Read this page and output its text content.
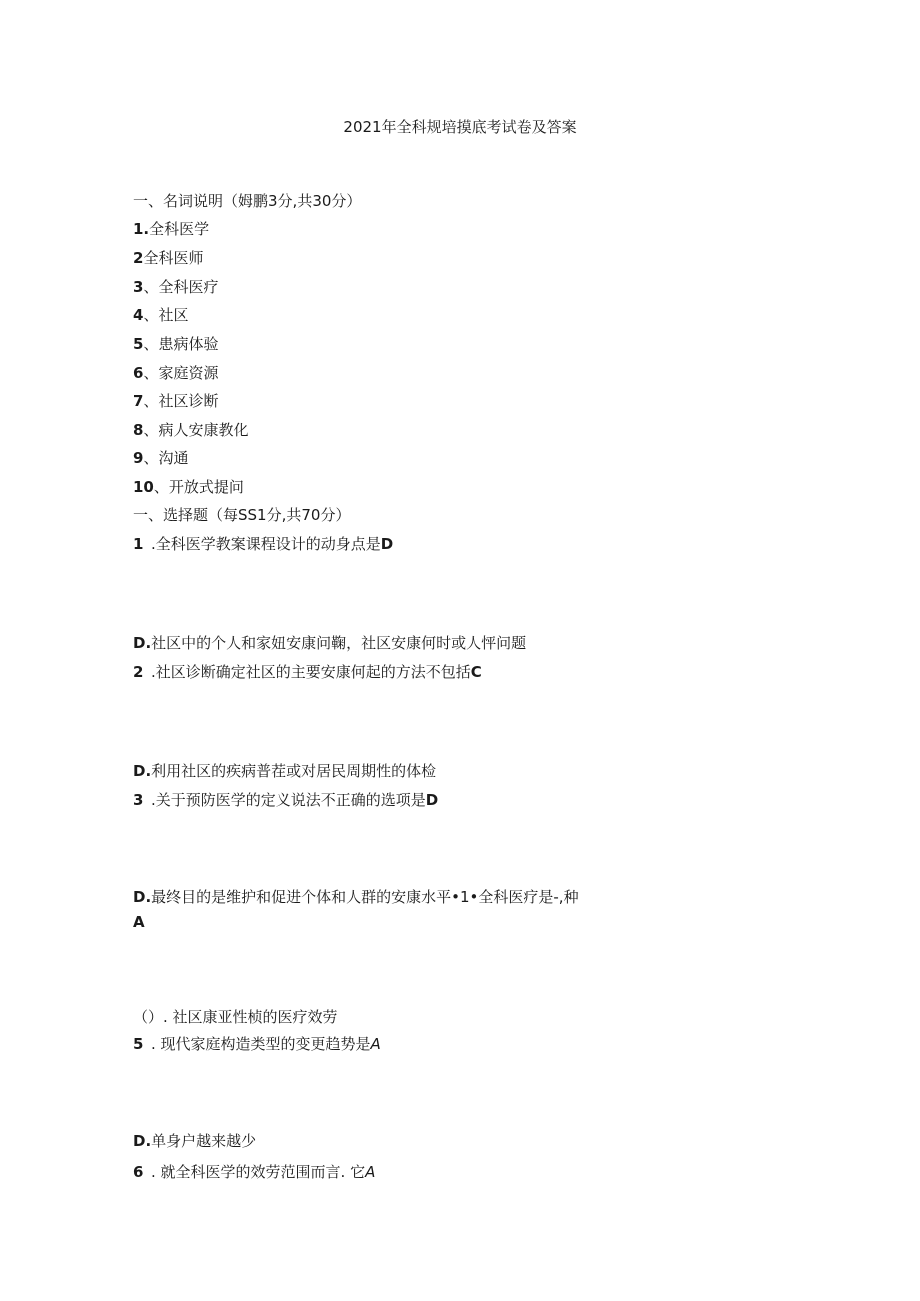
2021年全科规培摸底考试卷及答案
一、名词说明（姆鹏3分,共30分）
1.全科医学
2全科医师
3、全科医疗
4、社区
5、患病体验
6、家庭资源
7、社区诊断
8、病人安康教化
9、沟通
10、开放式提问
一、选择题（每SS1分,共70分）
1 .全科医学教案课程设计的动身点是D
D.社区中的个人和家妞安康问鞠，社区安康何时或人怦问题
2 .社区诊断确定社区的主要安康何起的方法不包括C
D.利用社区的疾病普茬或对居民周期性的体检
3 .关于预防医学的定义说法不正确的选项是D
D.最终目的是维护和促进个体和人群的安康水平•1•全科医疗是-,种
A
（）. 社区康亚性桢的医疗效劳
5 . 现代家庭构造类型的变更趋势是A
D.单身户越来越少
6 . 就全科医学的效劳范围而言. 它A
